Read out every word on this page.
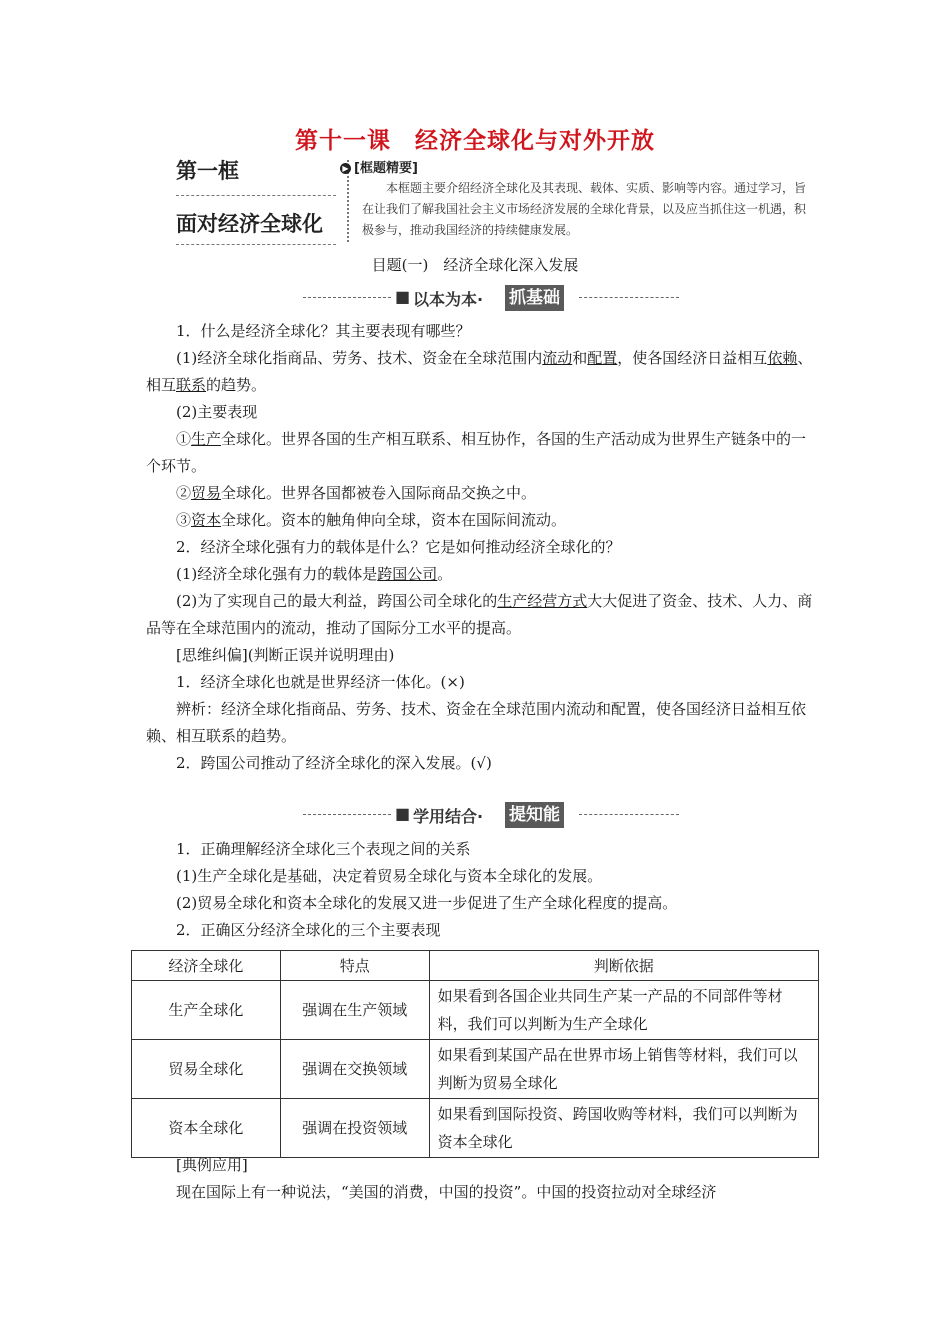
第十一课　经济全球化与对外开放
第一框
面对经济全球化
▶ [框题精要]
本框题主要介绍经济全球化及其表现、载体、实质、影响等内容。通过学习，旨在让我们了解我国社会主义市场经济发展的全球化背景，以及应当抓住这一机遇，积极参与，推动我国经济的持续健康发展。
目题(一)　经济全球化深入发展
■ 以本为本· 抓基础
1．什么是经济全球化？其主要表现有哪些？
(1)经济全球化指商品、劳务、技术、资金在全球范围内流动和配置，使各国经济日益相互依赖、相互联系的趋势。
(2)主要表现
①生产全球化。世界各国的生产相互联系、相互协作，各国的生产活动成为世界生产链条中的一个环节。
②贸易全球化。世界各国都被卷入国际商品交换之中。
③资本全球化。资本的触角伸向全球，资本在国际间流动。
2．经济全球化强有力的载体是什么？它是如何推动经济全球化的？
(1)经济全球化强有力的载体是跨国公司。
(2)为了实现自己的最大利益，跨国公司全球化的生产经营方式大大促进了资金、技术、人力、商品等在全球范围内的流动，推动了国际分工水平的提高。
[思维纠偏](判断正误并说明理由)
1．经济全球化也就是世界经济一体化。(×)
辨析：经济全球化指商品、劳务、技术、资金在全球范围内流动和配置，使各国经济日益相互依赖、相互联系的趋势。
2．跨国公司推动了经济全球化的深入发展。(√)
■ 学用结合· 提知能
1．正确理解经济全球化三个表现之间的关系
(1)生产全球化是基础，决定着贸易全球化与资本全球化的发展。
(2)贸易全球化和资本全球化的发展又进一步促进了生产全球化程度的提高。
2．正确区分经济全球化的三个主要表现
经济全球化	特点	判断依据
生产全球化	强调在生产领域	如果看到各国企业共同生产某一产品的不同部件等材料，我们可以判断为生产全球化
贸易全球化	强调在交换领域	如果看到某国产品在世界市场上销售等材料，我们可以判断为贸易全球化
资本全球化	强调在投资领域	如果看到国际投资、跨国收购等材料，我们可以判断为资本全球化
[典例应用]
现在国际上有一种说法，“美国的消费，中国的投资”。中国的投资拉动对全球经济
